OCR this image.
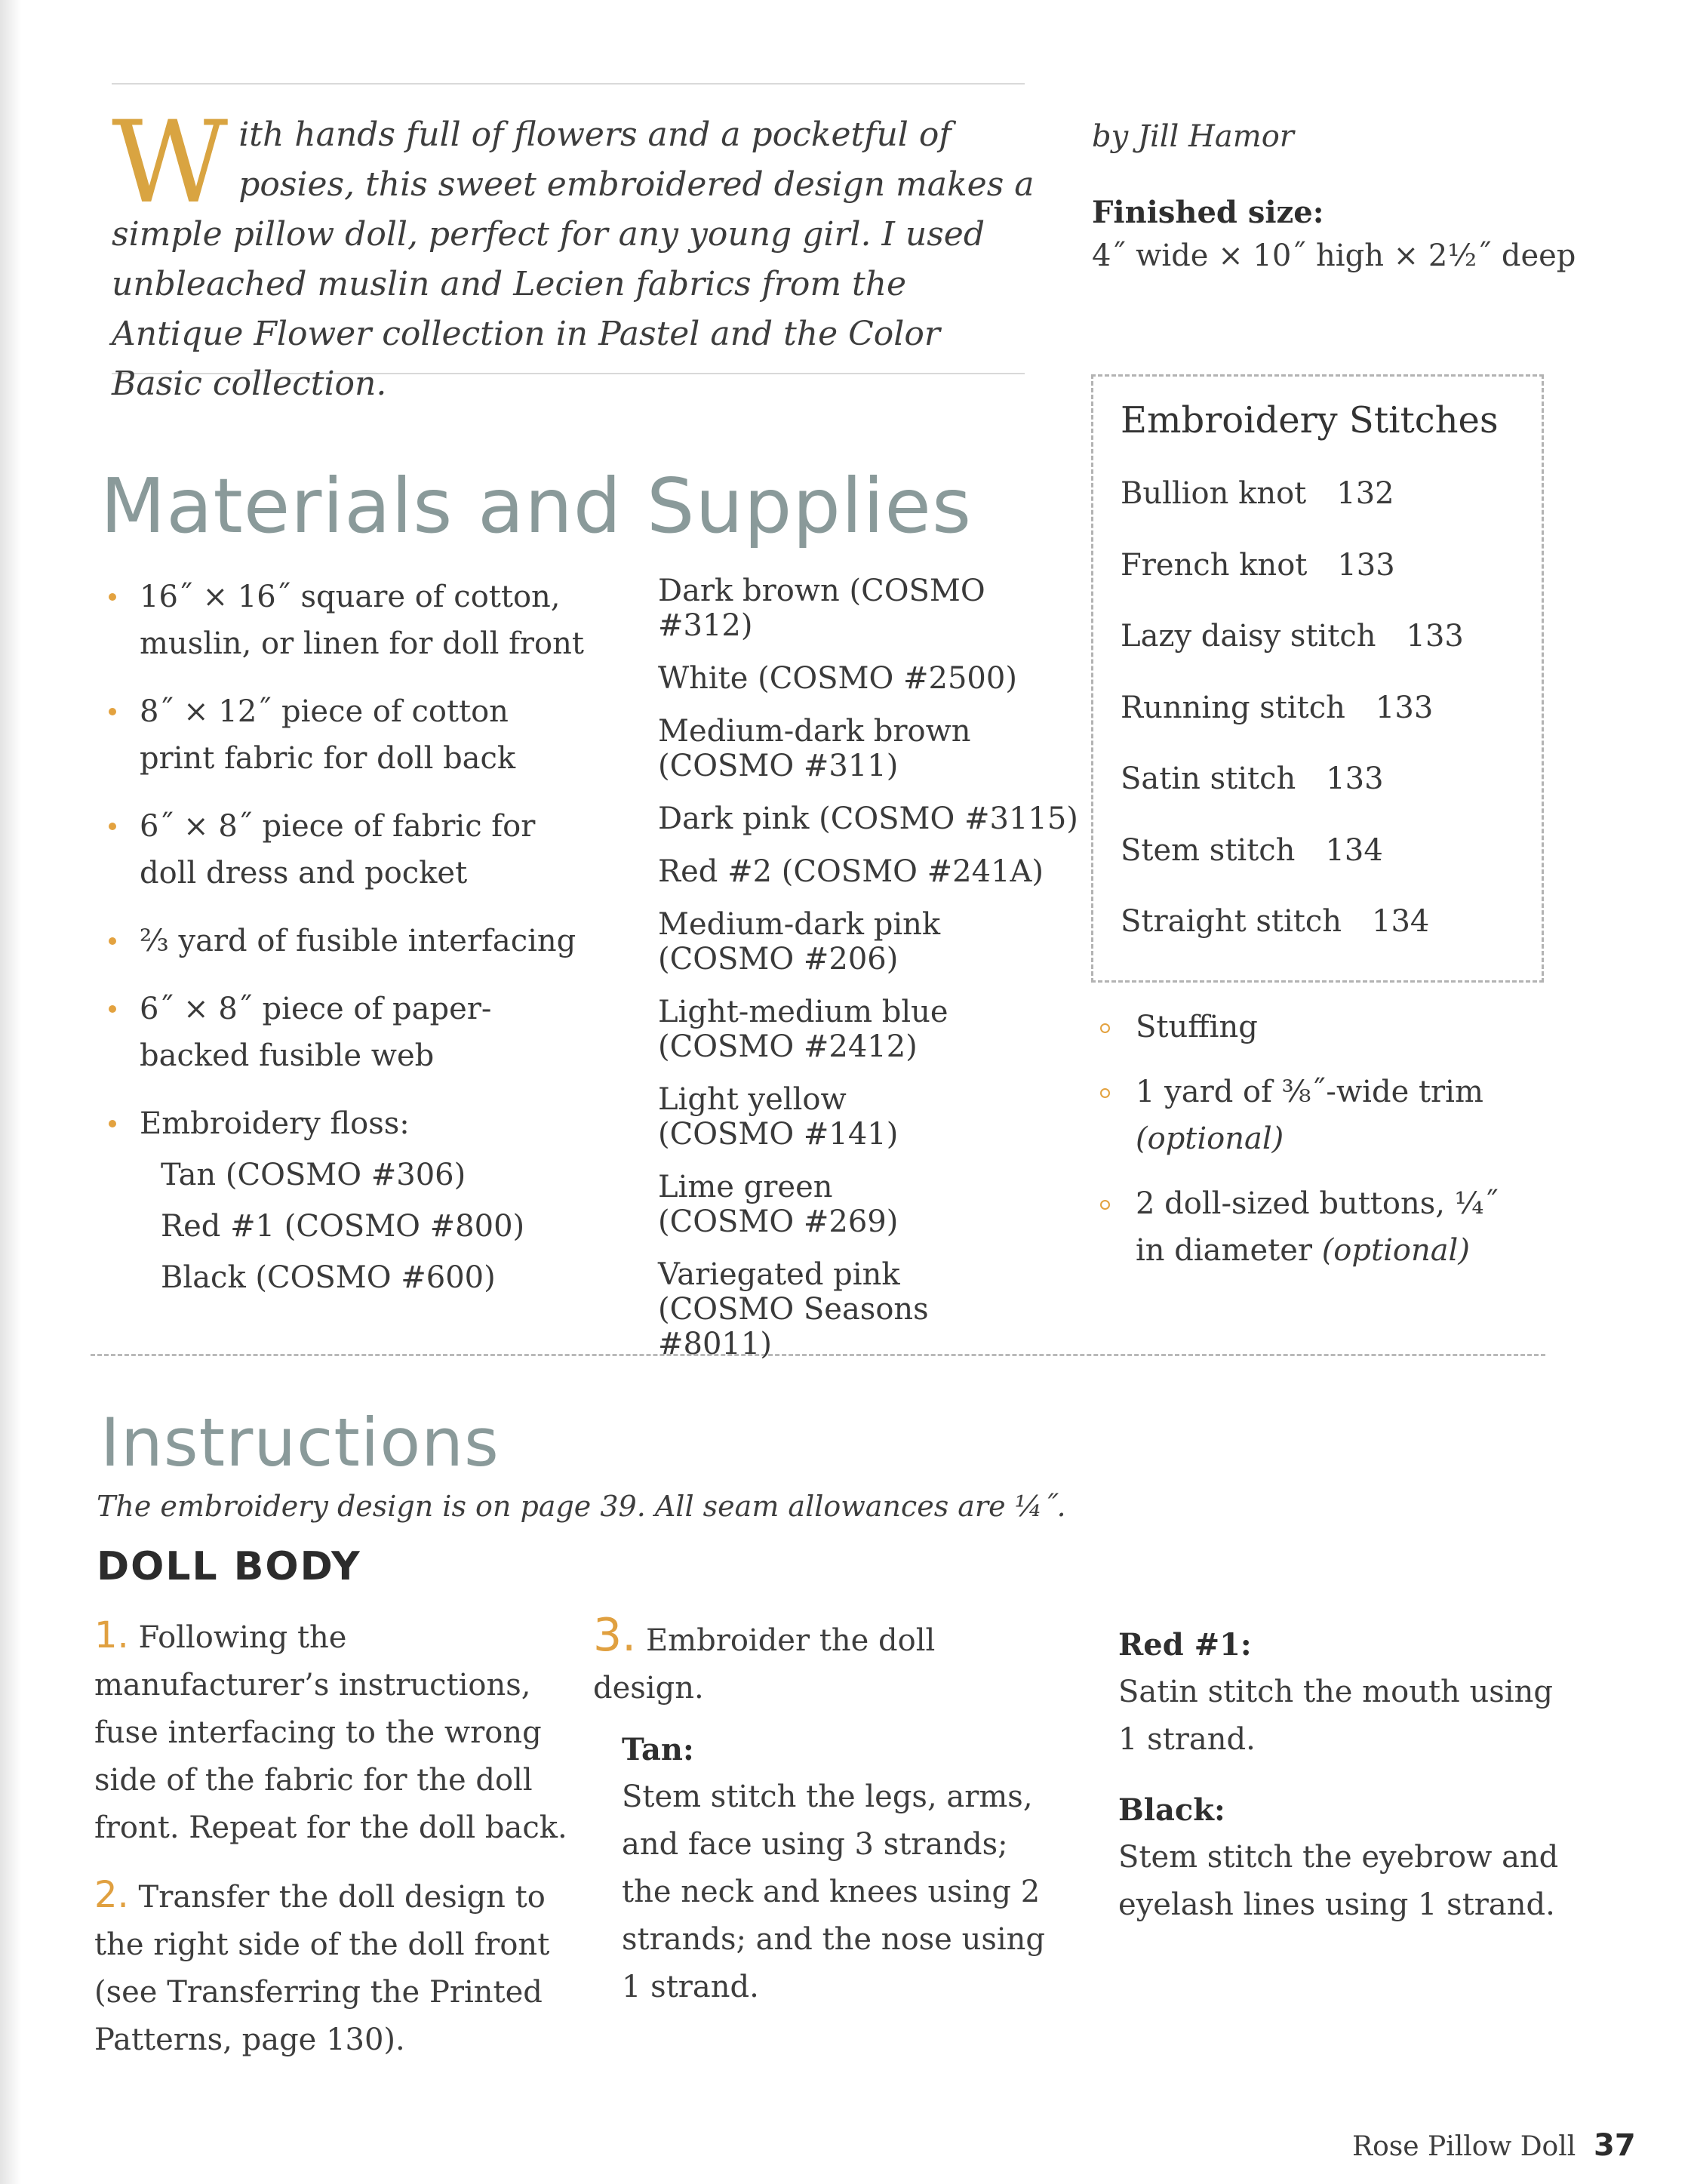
With hands full of flowers and a pocketful of posies, this sweet embroidered design makes a simple pillow doll, perfect for any young girl. I used unbleached muslin and Lecien fabrics from the Antique Flower collection in Pastel and the Color Basic collection.
by Jill Hamor
Finished size:
4˝ wide × 10˝ high × 2½˝ deep
Embroidery Stitches
Bullion knot 132
French knot 133
Lazy daisy stitch 133
Running stitch 133
Satin stitch 133
Stem stitch 134
Straight stitch 134
Materials and Supplies
16˝ × 16˝ square of cotton, muslin, or linen for doll front
8˝ × 12˝ piece of cotton print fabric for doll back
6˝ × 8˝ piece of fabric for doll dress and pocket
⅔ yard of fusible interfacing
6˝ × 8˝ piece of paper-backed fusible web
Embroidery floss:
Tan (COSMO #306)
Red #1 (COSMO #800)
Black (COSMO #600)
Dark brown (COSMO #312)
White (COSMO #2500)
Medium-dark brown (COSMO #311)
Dark pink (COSMO #3115)
Red #2 (COSMO #241A)
Medium-dark pink (COSMO #206)
Light-medium blue (COSMO #2412)
Light yellow (COSMO #141)
Lime green (COSMO #269)
Variegated pink (COSMO Seasons #8011)
Stuffing
1 yard of ⅜˝-wide trim
(optional)
2 doll-sized buttons, ¼˝ in diameter (optional)
Instructions
The embroidery design is on page 39. All seam allowances are ¼˝.
DOLL BODY
1. Following the manufacturer’s instructions, fuse interfacing to the wrong side of the fabric for the doll front. Repeat for the doll back.
2. Transfer the doll design to the right side of the doll front (see Transferring the Printed Patterns, page 130).
3. Embroider the doll design.
Tan:
Stem stitch the legs, arms, and face using 3 strands; the neck and knees using 2 strands; and the nose using 1 strand.
Red #1:
Satin stitch the mouth using 1 strand.
Black:
Stem stitch the eyebrow and eyelash lines using 1 strand.
Rose Pillow Doll 37
